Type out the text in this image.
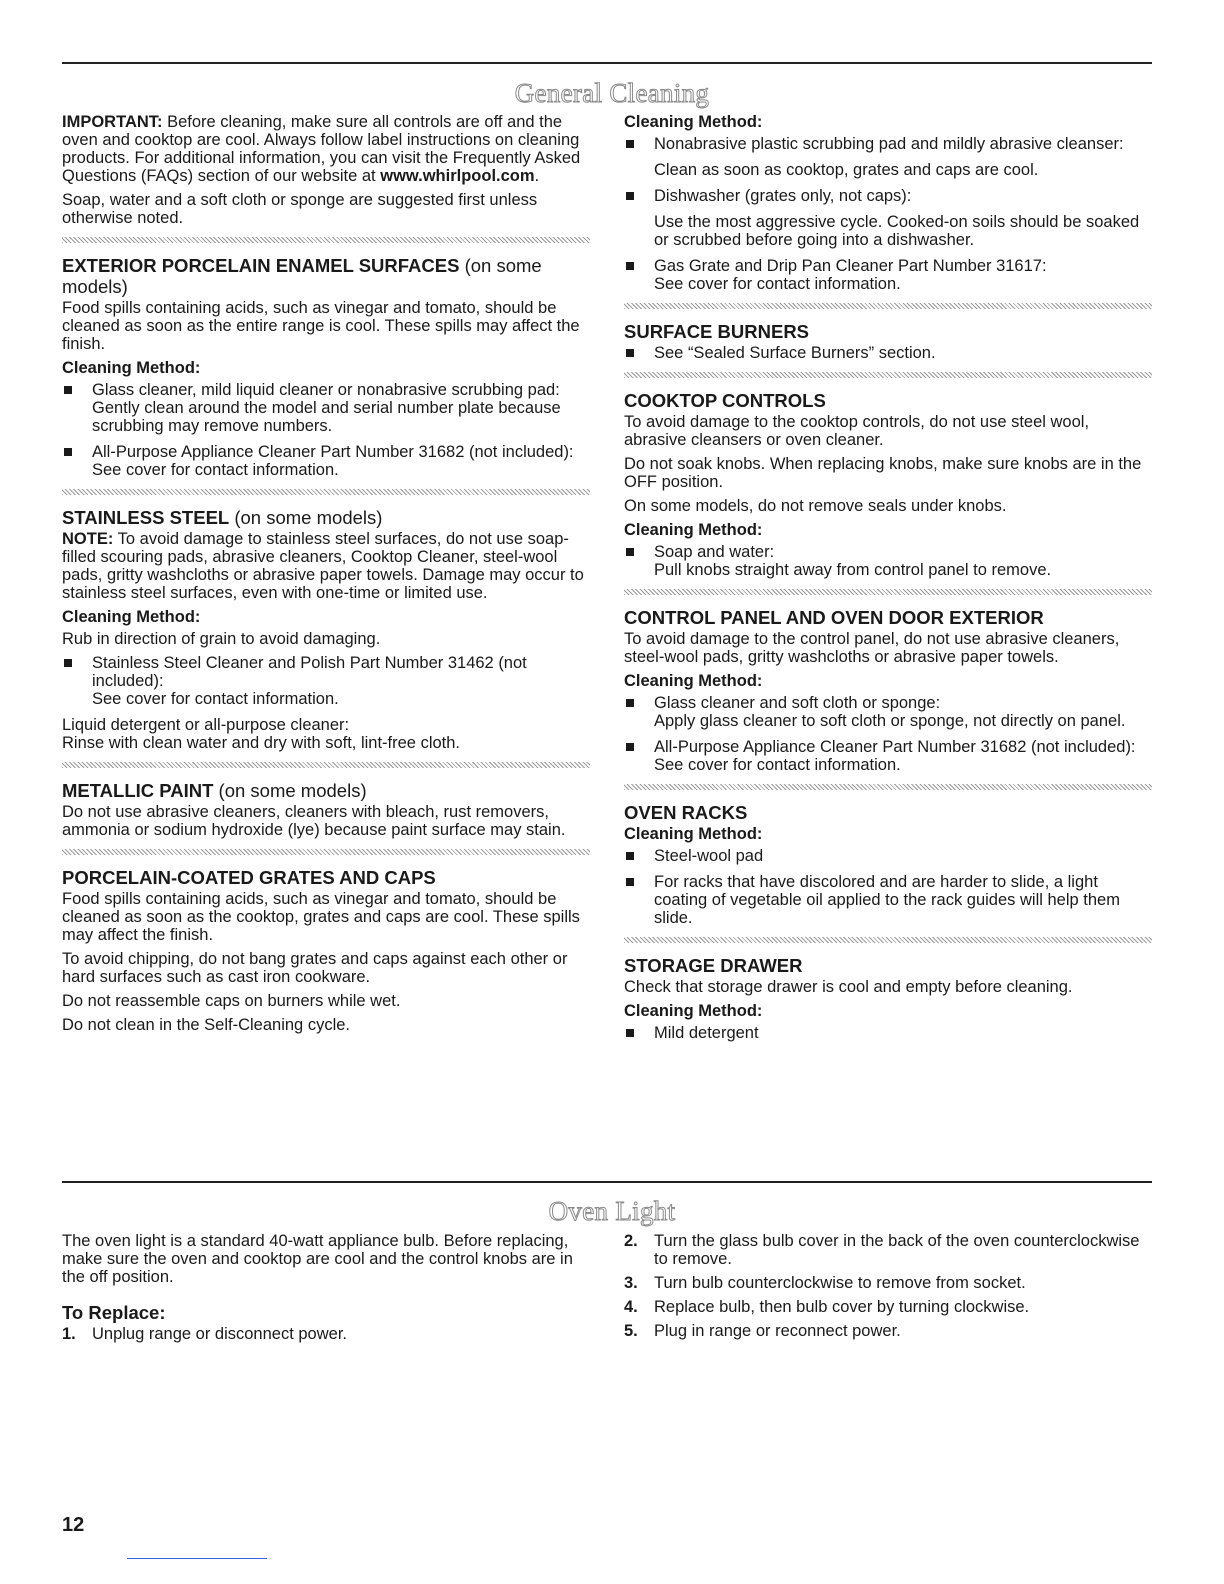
General Cleaning

IMPORTANT: Before cleaning, make sure all controls are off and the oven and cooktop are cool. Always follow label instructions on cleaning products. For additional information, you can visit the Frequently Asked Questions (FAQs) section of our website at www.whirlpool.com.

Soap, water and a soft cloth or sponge are suggested first unless otherwise noted.

EXTERIOR PORCELAIN ENAMEL SURFACES (on some models)

Food spills containing acids, such as vinegar and tomato, should be cleaned as soon as the entire range is cool. These spills may affect the finish.

Cleaning Method:
Glass cleaner, mild liquid cleaner or nonabrasive scrubbing pad:
Gently clean around the model and serial number plate because scrubbing may remove numbers.
All-Purpose Appliance Cleaner Part Number 31682 (not included):
See cover for contact information.
STAINLESS STEEL (on some models)

NOTE: To avoid damage to stainless steel surfaces, do not use soap-filled scouring pads, abrasive cleaners, Cooktop Cleaner, steel-wool pads, gritty washcloths or abrasive paper towels. Damage may occur to stainless steel surfaces, even with one-time or limited use.

Cleaning Method:

Rub in direction of grain to avoid damaging.

Stainless Steel Cleaner and Polish Part Number 31462 (not included):
See cover for contact information.

Liquid detergent or all-purpose cleaner:
Rinse with clean water and dry with soft, lint-free cloth.

METALLIC PAINT (on some models)

Do not use abrasive cleaners, cleaners with bleach, rust removers, ammonia or sodium hydroxide (lye) because paint surface may stain.

PORCELAIN-COATED GRATES AND CAPS

Food spills containing acids, such as vinegar and tomato, should be cleaned as soon as the cooktop, grates and caps are cool. These spills may affect the finish.

To avoid chipping, do not bang grates and caps against each other or hard surfaces such as cast iron cookware.

Do not reassemble caps on burners while wet.

Do not clean in the Self-Cleaning cycle.

Cleaning Method:
Nonabrasive plastic scrubbing pad and mildly abrasive cleanser:
Clean as soon as cooktop, grates and caps are cool.
Dishwasher (grates only, not caps):
Use the most aggressive cycle. Cooked-on soils should be soaked or scrubbed before going into a dishwasher.
Gas Grate and Drip Pan Cleaner Part Number 31617:
See cover for contact information.
SURFACE BURNERS
See “Sealed Surface Burners” section.
COOKTOP CONTROLS

To avoid damage to the cooktop controls, do not use steel wool, abrasive cleansers or oven cleaner.

Do not soak knobs. When replacing knobs, make sure knobs are in the OFF position.

On some models, do not remove seals under knobs.

Cleaning Method:
Soap and water:
Pull knobs straight away from control panel to remove.
CONTROL PANEL AND OVEN DOOR EXTERIOR

To avoid damage to the control panel, do not use abrasive cleaners, steel-wool pads, gritty washcloths or abrasive paper towels.

Cleaning Method:
Glass cleaner and soft cloth or sponge:
Apply glass cleaner to soft cloth or sponge, not directly on panel.
All-Purpose Appliance Cleaner Part Number 31682 (not included):
See cover for contact information.
OVEN RACKS
Cleaning Method:
Steel-wool pad
For racks that have discolored and are harder to slide, a light coating of vegetable oil applied to the rack guides will help them slide.
STORAGE DRAWER

Check that storage drawer is cool and empty before cleaning.

Cleaning Method:
Mild detergent
Oven Light

The oven light is a standard 40-watt appliance bulb. Before replacing, make sure the oven and cooktop are cool and the control knobs are in the off position.

To Replace:
1. Unplug range or disconnect power.
2. Turn the glass bulb cover in the back of the oven counterclockwise to remove.
3. Turn bulb counterclockwise to remove from socket.
4. Replace bulb, then bulb cover by turning clockwise.
5. Plug in range or reconnect power.
12
